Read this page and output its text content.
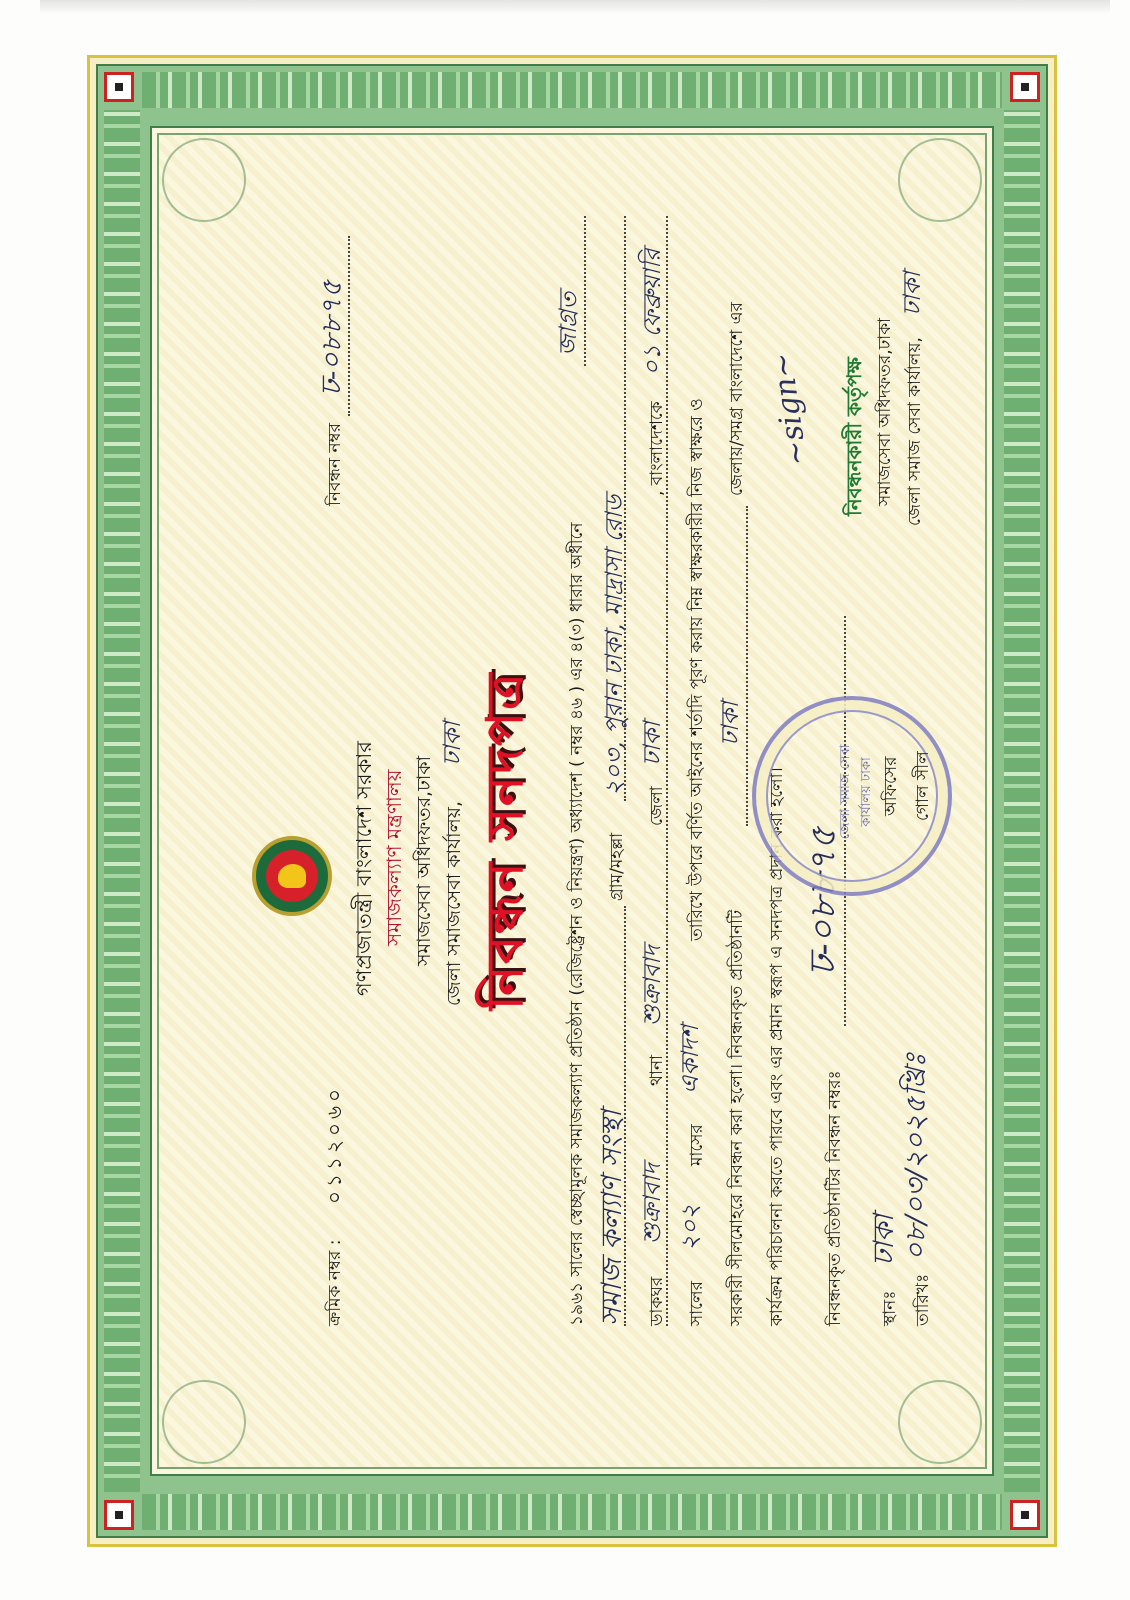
ক্রমিক নম্বর :
০১১২০৬০
নিবন্ধন নম্বর
ঢ-০৮৮৭৫
গণপ্রজাতন্ত্রী বাংলাদেশ সরকার সমাজকল্যাণ মন্ত্রণালয় সমাজসেবা অধিদফতর,ঢাকা জেলা সমাজসেবা কার্যালয়,
ঢাকা নিবন্ধন সনদপত্র	১৯৬১ সালের স্বেচ্ছামূলক সমাজকল্যাণ প্রতিষ্ঠান (রেজিষ্ট্রেশন ও নিয়ন্ত্রণ) অধ্যাদেশ ( নম্বর ৪৬ ) এর ৪(৩) ধারার অধীনে
জাগ্রত
সমাজ কল্যাণ সংস্থা
গ্রাম/মহল্লা
২০৩, পুরান ঢাকা, মাদ্রাসা রোড
ডাকঘর
শুক্রাবাদ
থানা
শুক্রাবাদ
জেলা
ঢাকা
, বাংলাদেশকে
০১ ফেব্রুয়ারি
সালের
২০২
মাসের
একাদশ
তারিখে উপরে বর্ণিত আইনের শর্তাদি পূরণ করায় নিম্ন স্বাক্ষরকারীর নিজ স্বাক্ষরে ও
সরকারী সীলমোহরে নিবন্ধন করা হলো। নিবন্ধনকৃত প্রতিষ্ঠানটি
ঢাকা
জেলায়/সমগ্র বাংলাদেশে এর
কার্যক্রম পরিচালনা করতে পারবে এবং এর প্রমান স্বরূপ এ সনদপত্র প্রদান করা হলো। নিবন্ধনকৃত প্রতিষ্ঠানটির নিবন্ধন নম্বরঃ
ঢ-০৮৮৭৫
স্থানঃ
ঢাকা
তারিখঃ
০৮/০৩/২০২৫খ্রিঃ
জেলা সমাজ সেবা কার্যালয় ঢাকা অফিসের গোল সীল
~sign~ নিবন্ধনকারী কর্তৃপক্ষ সমাজসেবা অধিদফতর,ঢাকা জেলা সমাজ সেবা কার্যালয়,
ঢাকা
